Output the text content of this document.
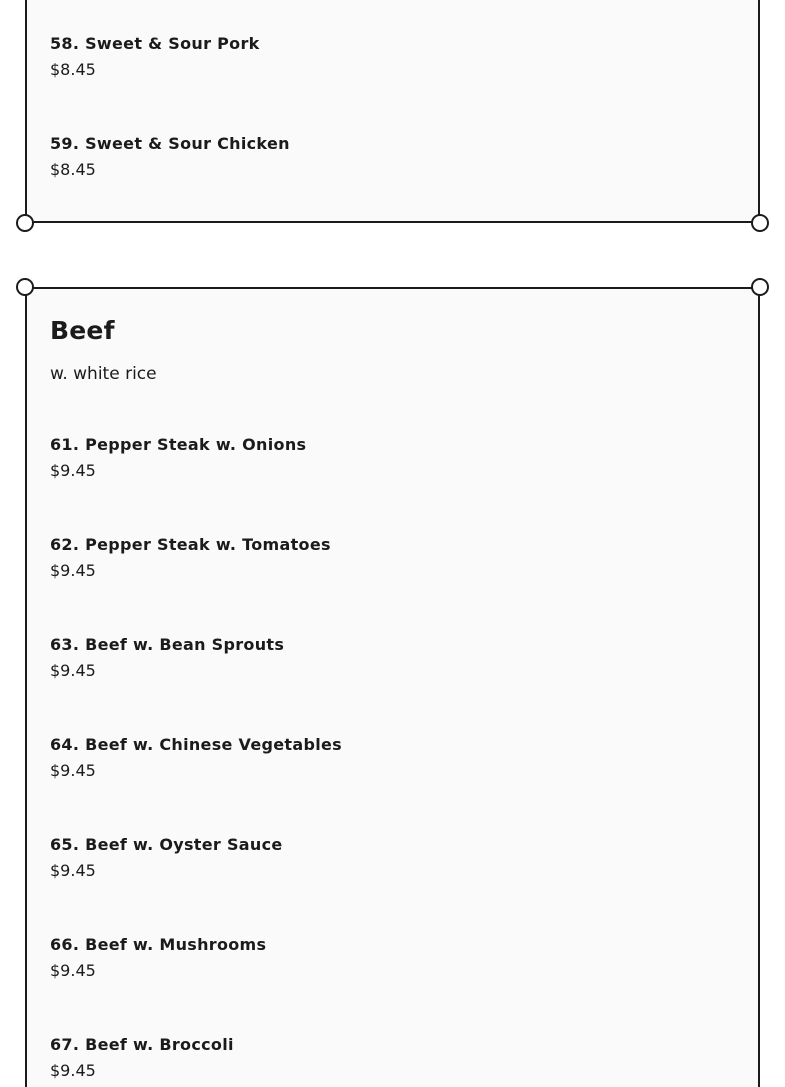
58. Sweet & Sour Pork
$8.45
59. Sweet & Sour Chicken
$8.45
Beef

w. white rice

61. Pepper Steak w. Onions
$9.45
62. Pepper Steak w. Tomatoes
$9.45
63. Beef w. Bean Sprouts
$9.45
64. Beef w. Chinese Vegetables
$9.45
65. Beef w. Oyster Sauce
$9.45
66. Beef w. Mushrooms
$9.45
67. Beef w. Broccoli
$9.45
